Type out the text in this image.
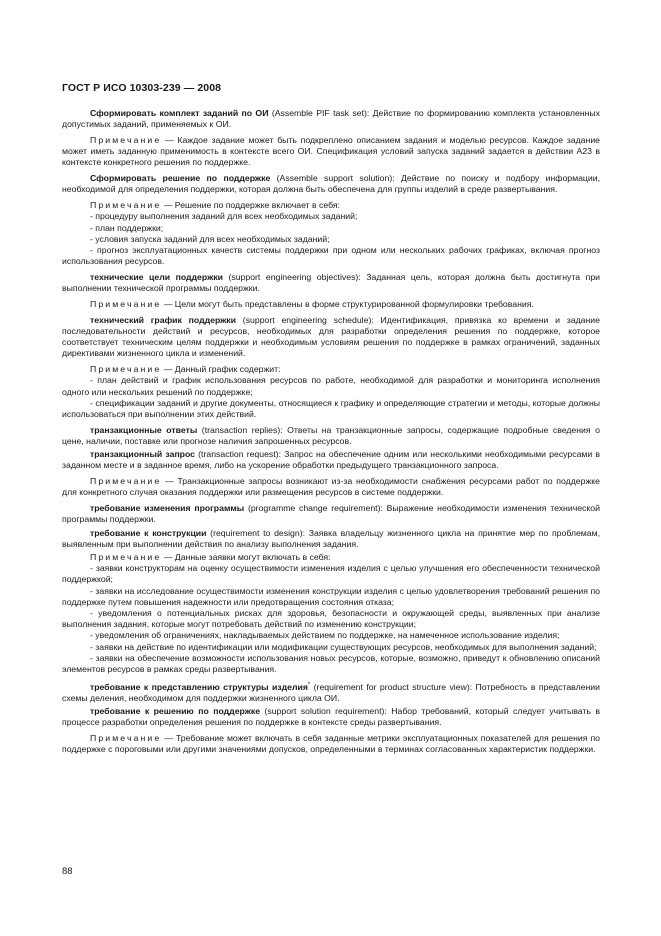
ГОСТ Р ИСО 10303-239 — 2008

Сформировать комплект заданий по ОИ (Assemble PIF task set): Действие по формированию комплекта установленных допустимых заданий, применяемых к ОИ.

Примечание — Каждое задание может быть подкреплено описанием задания и моделью ресурсов. Каждое задание может иметь заданную применимость в контексте всего ОИ. Спецификация условий запуска заданий задается в действии А23 в контексте конкретного решения по поддержке.

Сформировать решение по поддержке (Assemble support solution): Действие по поиску и подбору информации, необходимой для определения поддержки, которая должна быть обеспечена для группы изделий в среде развертывания.

Примечание — Решение по поддержке включает в себя:

- процедуру выполнения заданий для всех необходимых заданий;

- план поддержки;

- условия запуска заданий для всех необходимых заданий;

- прогноз эксплуатационных качеств системы поддержки при одном или нескольких рабочих графиках, включая прогноз использования ресурсов.

технические цели поддержки (support engineering objectives): Заданная цель, которая должна быть достигнута при выполнении технической программы поддержки.

Примечание — Цели могут быть представлены в форме структурированной формулировки требования.

технический график поддержки (support engineering schedule): Идентификация, привязка ко времени и задание последовательности действий и ресурсов, необходимых для разработки определения решения по поддержке, которое соответствует техническим целям поддержки и необходимым условиям решения по поддержке в рамках ограничений, заданных директивами жизненного цикла и изменений.

Примечание — Данный график содержит:

- план действий и график использования ресурсов по работе, необходимой для разработки и мониторинга исполнения одного или нескольких решений по поддержке;

- спецификации заданий и другие документы, относящиеся к графику и определяющие стратегии и методы, которые должны использоваться при выполнении этих действий.

транзакционные ответы (transaction replies): Ответы на транзакционные запросы, содержащие подробные сведения о цене, наличии, поставке или прогнозе наличия запрошенных ресурсов.

транзакционный запрос (transaction request): Запрос на обеспечение одним или несколькими необходимыми ресурсами в заданном месте и в заданное время, либо на ускорение обработки предыдущего транзакционного запроса.

Примечание — Транзакционные запросы возникают из-за необходимости снабжения ресурсами работ по поддержке для конкретного случая оказания поддержки или размещения ресурсов в системе поддержки.

требование изменения программы (programme change requirement): Выражение необходимости изменения технической программы поддержки.

требование к конструкции (requirement to design): Заявка владельцу жизненного цикла на принятие мер по проблемам, выявленным при выполнении действия по анализу выполнения задания.

Примечание — Данные заявки могут включать в себя:

- заявки конструкторам на оценку осуществимости изменения изделия с целью улучшения его обеспеченности технической поддержкой;

- заявки на исследование осуществимости изменения конструкции изделия с целью удовлетворения требований решения по поддержке путем повышения надежности или предотвращения состояния отказа;

- уведомления о потенциальных рисках для здоровья, безопасности и окружающей среды, выявленных при анализе выполнения задания, которые могут потребовать действий по изменению конструкции;

- уведомления об ограничениях, накладываемых действием по поддержке, на намеченное использование изделия;

- заявки на действие по идентификации или модификации существующих ресурсов, необходимых для выполнения заданий;

- заявки на обеспечение возможности использования новых ресурсов, которые, возможно, приведут к обновлению описаний элементов ресурсов в рамках среды развертывания.

требование к представлению структуры изделия* (requirement for product structure view): Потребность в представлении схемы деления, необходимом для поддержки жизненного цикла ОИ.

требование к решению по поддержке (support solution requirement): Набор требований, который следует учитывать в процессе разработки определения решения по поддержке в контексте среды развертывания.

Примечание — Требование может включать в себя заданные метрики эксплуатационных показателей для решения по поддержке с пороговыми или другими значениями допусков, определенными в терминах согласованных характеристик поддержки.

88
